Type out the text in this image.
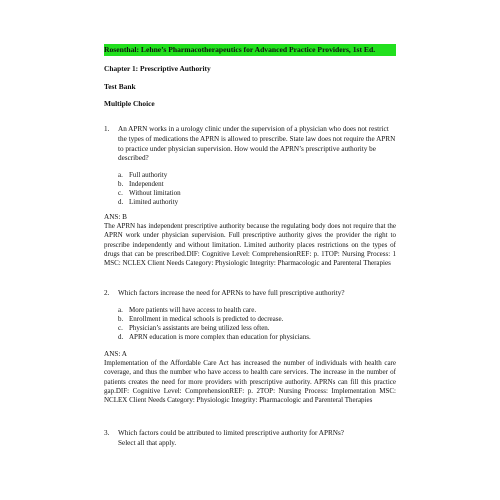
Rosenthal: Lehne’s Pharmacotherapeutics for Advanced Practice Providers, 1st Ed.
Chapter 1: Prescriptive Authority
Test Bank
Multiple Choice
1. An APRN works in a urology clinic under the supervision of a physician who does not restrict the types of medications the APRN is allowed to prescribe. State law does not require the APRN to practice under physician supervision. How would the APRN’s prescriptive authority be described?
a. Full authority
b. Independent
c. Without limitation
d. Limited authority
ANS: B
The APRN has independent prescriptive authority because the regulating body does not require that the APRN work under physician supervision. Full prescriptive authority gives the provider the right to prescribe independently and without limitation. Limited authority places restrictions on the types of drugs that can be prescribed.DIF: Cognitive Level: ComprehensionREF: p. 1TOP: Nursing Process: 1 MSC: NCLEX Client Needs Category: Physiologic Integrity: Pharmacologic and Parenteral Therapies
2. Which factors increase the need for APRNs to have full prescriptive authority?
a. More patients will have access to health care.
b. Enrollment in medical schools is predicted to decrease.
c. Physician’s assistants are being utilized less often.
d. APRN education is more complex than education for physicians.
ANS: A
Implementation of the Affordable Care Act has increased the number of individuals with health care coverage, and thus the number who have access to health care services. The increase in the number of patients creates the need for more providers with prescriptive authority. APRNs can fill this practice gap.DIF: Cognitive Level: ComprehensionREF: p. 2TOP: Nursing Process: Implementation MSC: NCLEX Client Needs Category: Physiologic Integrity: Pharmacologic and Parenteral Therapies
3. Which factors could be attributed to limited prescriptive authority for APRNs?
Select all that apply.
